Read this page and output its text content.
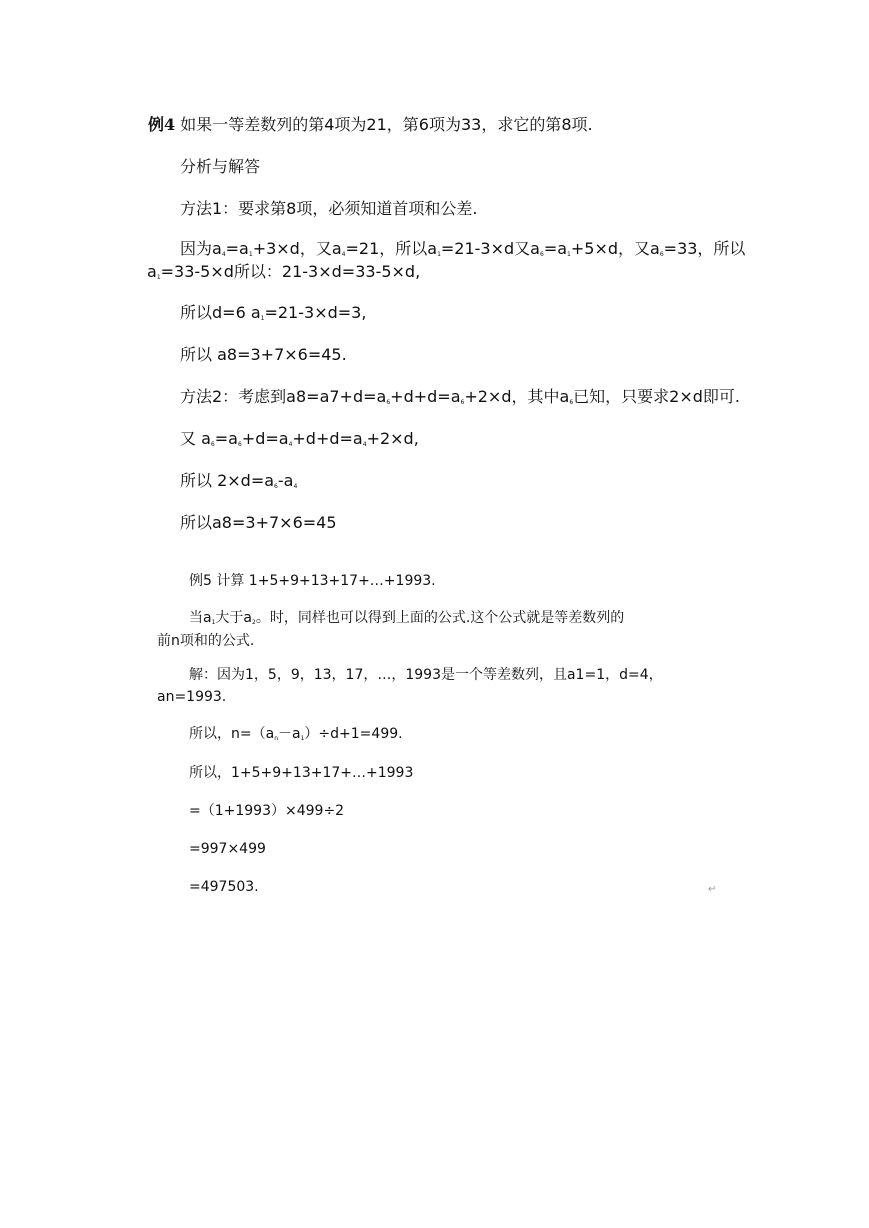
例4 如果一等差数列的第4项为21，第6项为33，求它的第8项.
分析与解答
方法1：要求第8项，必须知道首项和公差.
因为$a_4=a_1+3\times d$，又$a_4=21$，所以$a_1=21-3\times d$又$a_6=a_1+5\times d$，又$a_6=33$，所以
$a_1=33-5\times d$所以：21-3×d=33-5×d,
所以d=6 $a_1=21-3\times d=3$,
所以 a8=3+7×6=45.
方法2：考虑到$a8=a7+d=a_6+d+d=a_6+2\times d$，其中$a_6$已知，只要求2×d即可.
又 $a_6=a_6+d=a_4+d+d=a_4+2\times d$,
所以 $2\times d=a_6-a_4$
所以a8=3+7×6=45
例5 计算 1+5+9+13+17+…+1993.
当$a_1$大于$a_2$。时，同样也可以得到上面的公式.这个公式就是等差数列的
前n项和的公式.
解：因为1，5，9，13，17，…，1993是一个等差数列，且a1=1，d=4，
an=1993.
所以，$n=(a_n-a_1)\div d+1=499$.
所以，1+5+9+13+17+…+1993
=（1+1993）×499÷2
=997×499
=497503.	↵
